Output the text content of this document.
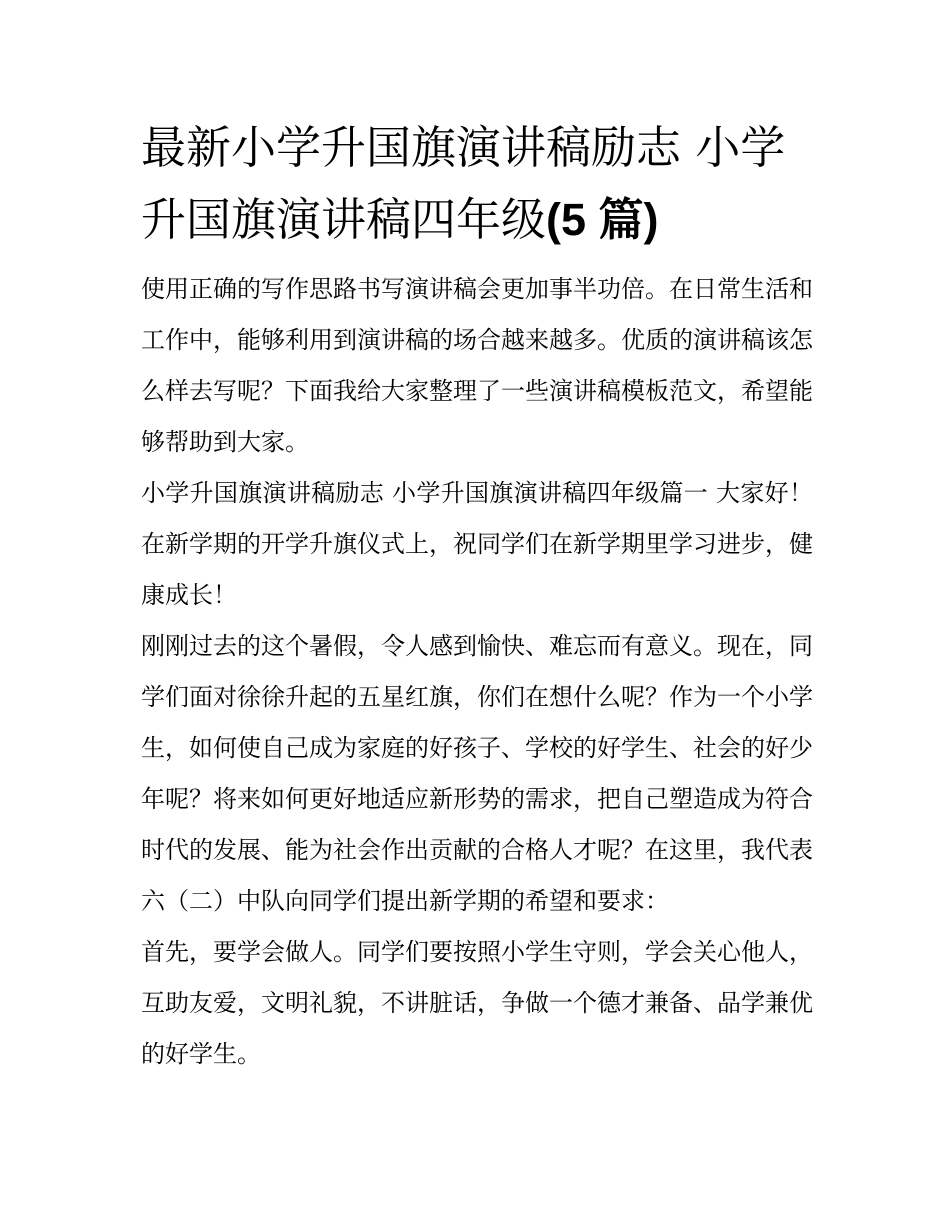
最新小学升国旗演讲稿励志 小学升国旗演讲稿四年级(5 篇)

使用正确的写作思路书写演讲稿会更加事半功倍。在日常生活和工作中，能够利用到演讲稿的场合越来越多。优质的演讲稿该怎么样去写呢？下面我给大家整理了一些演讲稿模板范文，希望能够帮助到大家。

小学升国旗演讲稿励志 小学升国旗演讲稿四年级篇一 大家好！ 在新学期的开学升旗仪式上，祝同学们在新学期里学习进步，健康成长！

刚刚过去的这个暑假，令人感到愉快、难忘而有意义。现在，同学们面对徐徐升起的五星红旗，你们在想什么呢？作为一个小学生，如何使自己成为家庭的好孩子、学校的好学生、社会的好少年呢？将来如何更好地适应新形势的需求，把自己塑造成为符合时代的发展、能为社会作出贡献的合格人才呢？在这里，我代表六（二）中队向同学们提出新学期的希望和要求：

首先，要学会做人。同学们要按照小学生守则，学会关心他人，互助友爱，文明礼貌，不讲脏话，争做一个德才兼备、品学兼优的好学生。
